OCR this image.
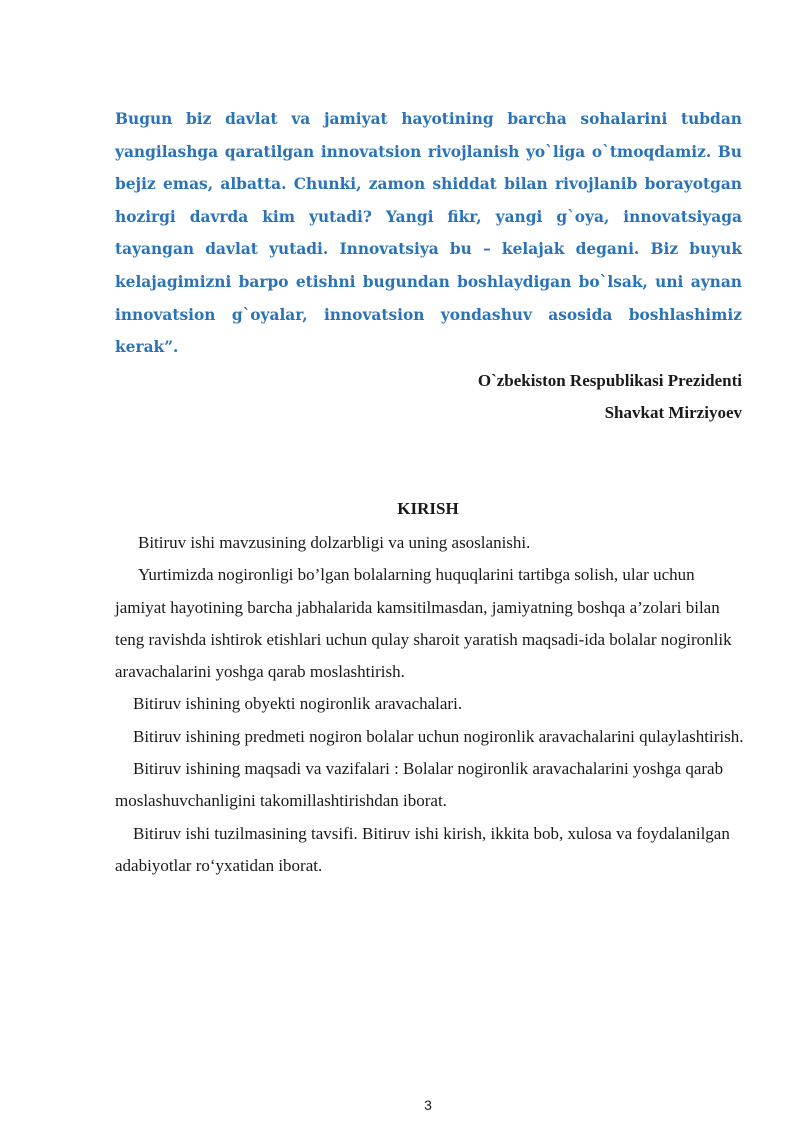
Bugun biz davlat va jamiyat hayotining barcha sohalarini tubdan yangilashga qaratilgan innovatsion rivojlanish yo`liga o`tmoqdamiz. Bu bejiz emas, albatta. Chunki, zamon shiddat bilan rivojlanib borayotgan hozirgi davrda kim yutadi? Yangi fikr, yangi g`oya, innovatsiyaga tayangan davlat yutadi. Innovatsiya bu – kelajak degani. Biz buyuk kelajagimizni barpo etishni bugundan boshlaydigan bo`lsak, uni aynan innovatsion g`oyalar, innovatsion yondashuv asosida boshlashimiz kerak”.
O`zbekiston Respublikasi Prezidenti
Shavkat Mirziyoev
KIRISH

Bitiruv ishi mavzusining dolzarbligi va uning asoslanishi.

Yurtimizda nogironligi bo’lgan bolalarning huquqlarini tartibga solish, ular uchun jamiyat hayotining barcha jabhalarida kamsitilmasdan, jamiyatning boshqa a’zolari bilan teng ravishda ishtirok etishlari uchun qulay sharoit yaratish maqsadi-ida bolalar nogironlik aravachalarini yoshga qarab moslashtirish.

Bitiruv ishining obyekti nogironlik aravachalari.

Bitiruv ishining predmeti nogiron bolalar uchun nogironlik aravachalarini qulaylashtirish.

Bitiruv ishining maqsadi va vazifalari : Bolalar nogironlik aravachalarini yoshga qarab moslashuvchanligini takomillashtirishdan iborat.

Bitiruv ishi tuzilmasining tavsifi. Bitiruv ishi kirish, ikkita bob, xulosa va foydalanilgan adabiyotlar ro‘yxatidan iborat.

3
